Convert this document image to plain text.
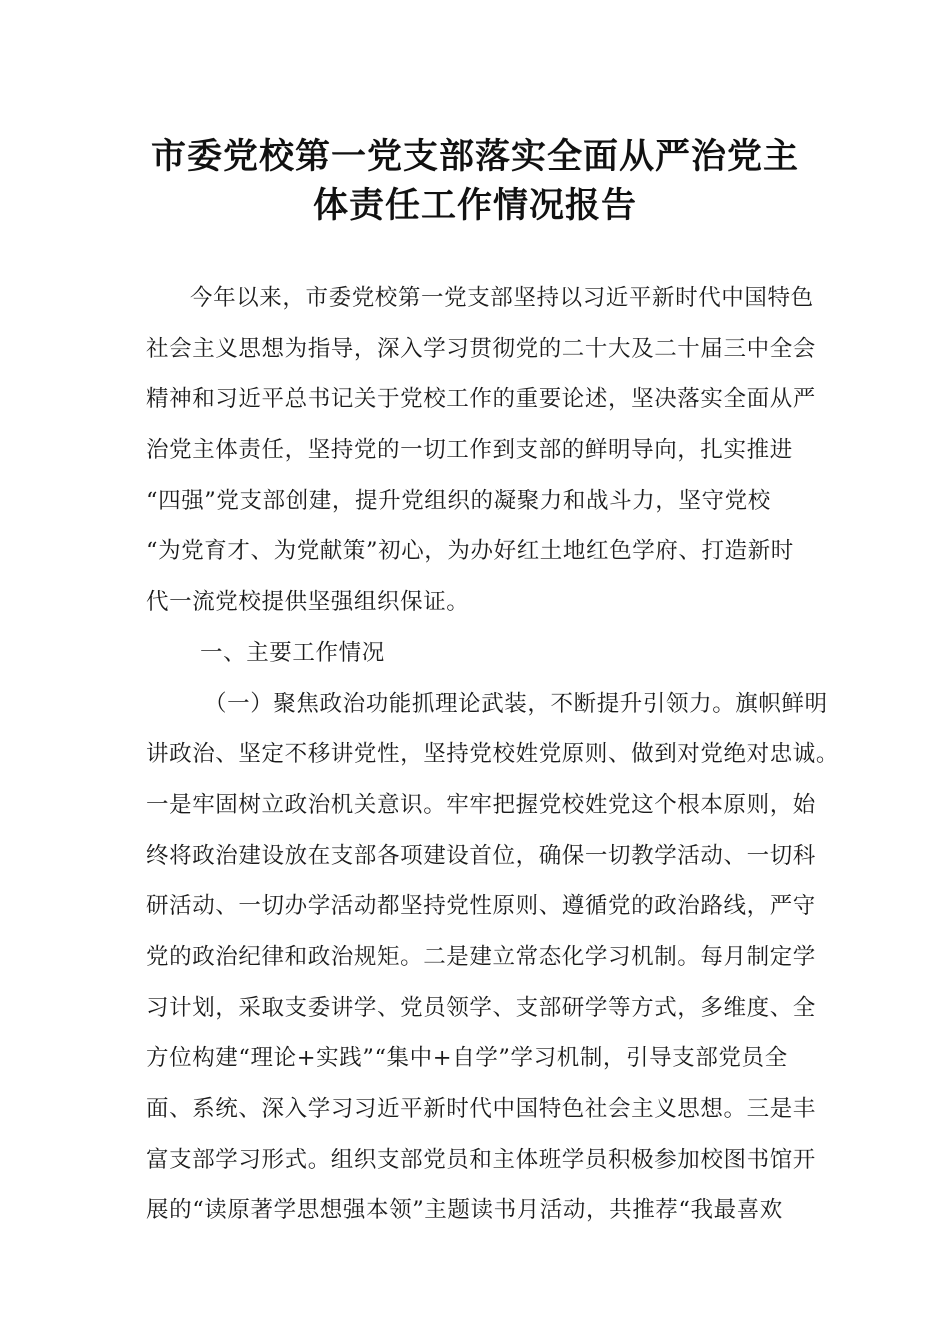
市委党校第一党支部落实全面从严治党主
体责任工作情况报告
今年以来，市委党校第一党支部坚持以习近平新时代中国特色
社会主义思想为指导，深入学习贯彻党的二十大及二十届三中全会
精神和习近平总书记关于党校工作的重要论述，坚决落实全面从严
治党主体责任，坚持党的一切工作到支部的鲜明导向，扎实推进
“四强”党支部创建，提升党组织的凝聚力和战斗力，坚守党校
“为党育才、为党献策”初心，为办好红土地红色学府、打造新时
代一流党校提供坚强组织保证。
一、主要工作情况
（一）聚焦政治功能抓理论武装，不断提升引领力。旗帜鲜明
讲政治、坚定不移讲党性，坚持党校姓党原则、做到对党绝对忠诚。
一是牢固树立政治机关意识。牢牢把握党校姓党这个根本原则，始
终将政治建设放在支部各项建设首位，确保一切教学活动、一切科
研活动、一切办学活动都坚持党性原则、遵循党的政治路线，严守
党的政治纪律和政治规矩。二是建立常态化学习机制。每月制定学
习计划，采取支委讲学、党员领学、支部研学等方式，多维度、全
方位构建“理论+实践”“集中+自学”学习机制，引导支部党员全
面、系统、深入学习习近平新时代中国特色社会主义思想。三是丰
富支部学习形式。组织支部党员和主体班学员积极参加校图书馆开
展的“读原著学思想强本领”主题读书月活动，共推荐“我最喜欢
